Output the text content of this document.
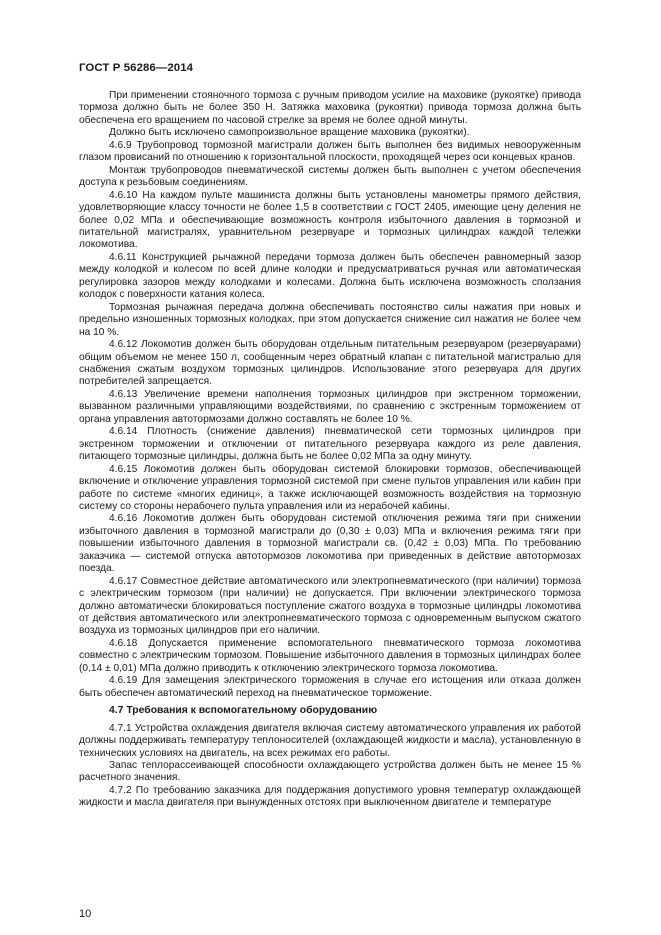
ГОСТ Р 56286—2014

При применении стояночного тормоза с ручным приводом усилие на маховике (рукоятке) привода тормоза должно быть не более 350 Н. Затяжка маховика (рукоятки) привода тормоза должна быть обеспечена его вращением по часовой стрелке за время не более одной минуты.

Должно быть исключено самопроизвольное вращение маховика (рукоятки).

4.6.9 Трубопровод тормозной магистрали должен быть выполнен без видимых невооруженным глазом провисаний по отношению к горизонтальной плоскости, проходящей через оси концевых кранов.

Монтаж трубопроводов пневматической системы должен быть выполнен с учетом обеспечения доступа к резьбовым соединениям.

4.6.10 На каждом пульте машиниста должны быть установлены манометры прямого действия, удовлетворяющие классу точности не более 1,5 в соответствии с ГОСТ 2405, имеющие цену деления не более 0,02 МПа и обеспечивающие возможность контроля избыточного давления в тормозной и питательной магистралях, уравнительном резервуаре и тормозных цилиндрах каждой тележки локомотива.

4.6.11 Конструкцией рычажной передачи тормоза должен быть обеспечен равномерный зазор между колодкой и колесом по всей длине колодки и предусматриваться ручная или автоматическая регулировка зазоров между колодками и колесами. Должна быть исключена возможность сползания колодок с поверхности катания колеса.

Тормозная рычажная передача должна обеспечивать постоянство силы нажатия при новых и предельно изношенных тормозных колодках, при этом допускается снижение сил нажатия не более чем на 10 %.

4.6.12 Локомотив должен быть оборудован отдельным питательным резервуаром (резервуарами) общим объемом не менее 150 л, сообщенным через обратный клапан с питательной магистралью для снабжения сжатым воздухом тормозных цилиндров. Использование этого резервуара для других потребителей запрещается.

4.6.13 Увеличение времени наполнения тормозных цилиндров при экстренном торможении, вызванном различными управляющими воздействиями, по сравнению с экстренным торможением от органа управления автотормозами должно составлять не более 10 %.

4.6.14 Плотность (снижение давления) пневматической сети тормозных цилиндров при экстренном торможении и отключении от питательного резервуара каждого из реле давления, питающего тормозные цилиндры, должна быть не более 0,02 МПа за одну минуту.

4.6.15 Локомотив должен быть оборудован системой блокировки тормозов, обеспечивающей включение и отключение управления тормозной системой при смене пультов управления или кабин при работе по системе «многих единиц», а также исключающей возможность воздействия на тормозную систему со стороны нерабочего пульта управления или из нерабочей кабины.

4.6.16 Локомотив должен быть оборудован системой отключения режима тяги при снижении избыточного давления в тормозной магистрали до (0,30 ± 0,03) МПа и включения режима тяги при повышении избыточного давления в тормозной магистрали св. (0,42 ± 0,03) МПа. По требованию заказчика — системой отпуска автотормозов локомотива при приведенных в действие автотормозах поезда.

4.6.17 Совместное действие автоматического или электропневматического (при наличии) тормоза с электрическим тормозом (при наличии) не допускается. При включении электрического тормоза должно автоматически блокироваться поступление сжатого воздуха в тормозные цилиндры локомотива от действия автоматического или электропневматического тормоза с одновременным выпуском сжатого воздуха из тормозных цилиндров при его наличии.

4.6.18 Допускается применение вспомогательного пневматического тормоза локомотива совместно с электрическим тормозом. Повышение избыточного давления в тормозных цилиндрах более (0,14 ± 0,01) МПа должно приводить к отключению электрического тормоза локомотива.

4.6.19 Для замещения электрического торможения в случае его истощения или отказа должен быть обеспечен автоматический переход на пневматическое торможение.

4.7 Требования к вспомогательному оборудованию

4.7.1 Устройства охлаждения двигателя включая систему автоматического управления их работой должны поддерживать температуру теплоносителей (охлаждающей жидкости и масла), установленную в технических условиях на двигатель, на всех режимах его работы.

Запас теплорассеивающей способности охлаждающего устройства должен быть не менее 15 % расчетного значения.

4.7.2 По требованию заказчика для поддержания допустимого уровня температур охлаждающей жидкости и масла двигателя при вынужденных отстоях при выключенном двигателе и температуре

10
